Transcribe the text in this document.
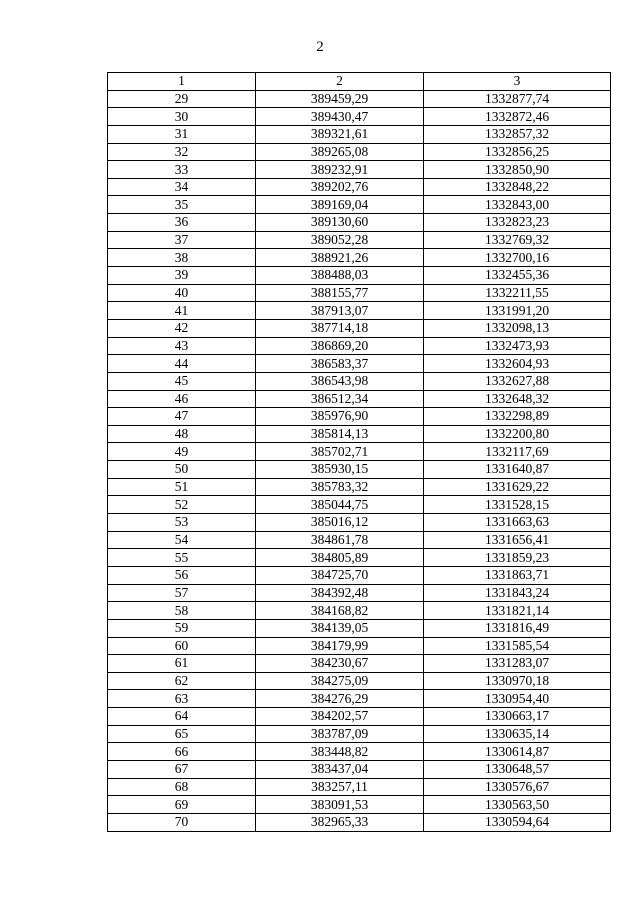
2
1	2	3
29	389459,29	1332877,74
30	389430,47	1332872,46
31	389321,61	1332857,32
32	389265,08	1332856,25
33	389232,91	1332850,90
34	389202,76	1332848,22
35	389169,04	1332843,00
36	389130,60	1332823,23
37	389052,28	1332769,32
38	388921,26	1332700,16
39	388488,03	1332455,36
40	388155,77	1332211,55
41	387913,07	1331991,20
42	387714,18	1332098,13
43	386869,20	1332473,93
44	386583,37	1332604,93
45	386543,98	1332627,88
46	386512,34	1332648,32
47	385976,90	1332298,89
48	385814,13	1332200,80
49	385702,71	1332117,69
50	385930,15	1331640,87
51	385783,32	1331629,22
52	385044,75	1331528,15
53	385016,12	1331663,63
54	384861,78	1331656,41
55	384805,89	1331859,23
56	384725,70	1331863,71
57	384392,48	1331843,24
58	384168,82	1331821,14
59	384139,05	1331816,49
60	384179,99	1331585,54
61	384230,67	1331283,07
62	384275,09	1330970,18
63	384276,29	1330954,40
64	384202,57	1330663,17
65	383787,09	1330635,14
66	383448,82	1330614,87
67	383437,04	1330648,57
68	383257,11	1330576,67
69	383091,53	1330563,50
70	382965,33	1330594,64
